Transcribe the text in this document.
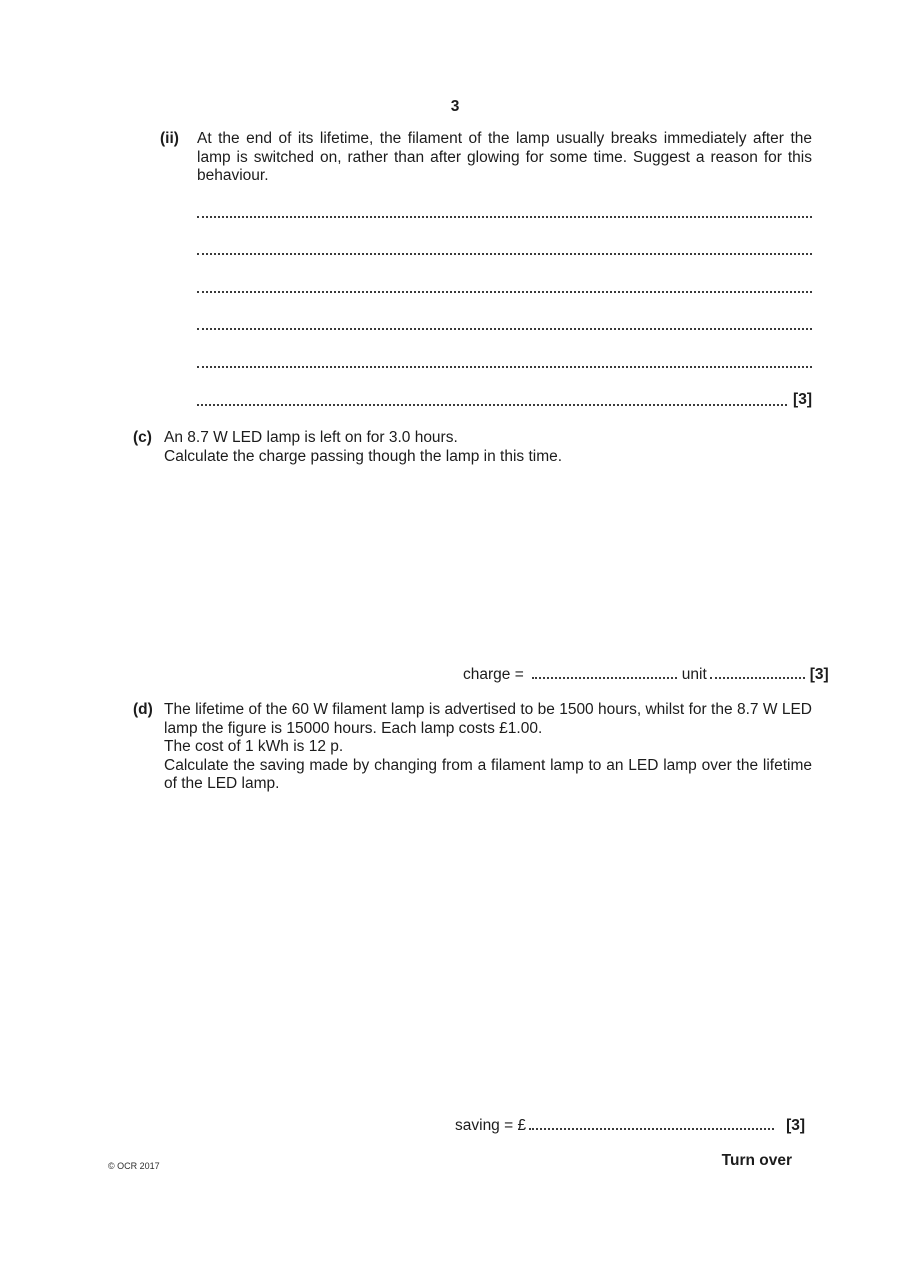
3
(ii)	At the end of its lifetime, the filament of the lamp usually breaks immediately after the lamp is switched on, rather than after glowing for some time. Suggest a reason for this behaviour.
[3]
(c) An 8.7 W LED lamp is left on for 3.0 hours.
Calculate the charge passing though the lamp in this time.
charge =	unit	[3]
(d) The lifetime of the 60 W filament lamp is advertised to be 1500 hours, whilst for the 8.7 W LED lamp the figure is 15000 hours. Each lamp costs £1.00.
The cost of 1 kWh is 12 p.
Calculate the saving made by changing from a filament lamp to an LED lamp over the lifetime of the LED lamp.
saving = £	[3]
© OCR 2017	Turn over
